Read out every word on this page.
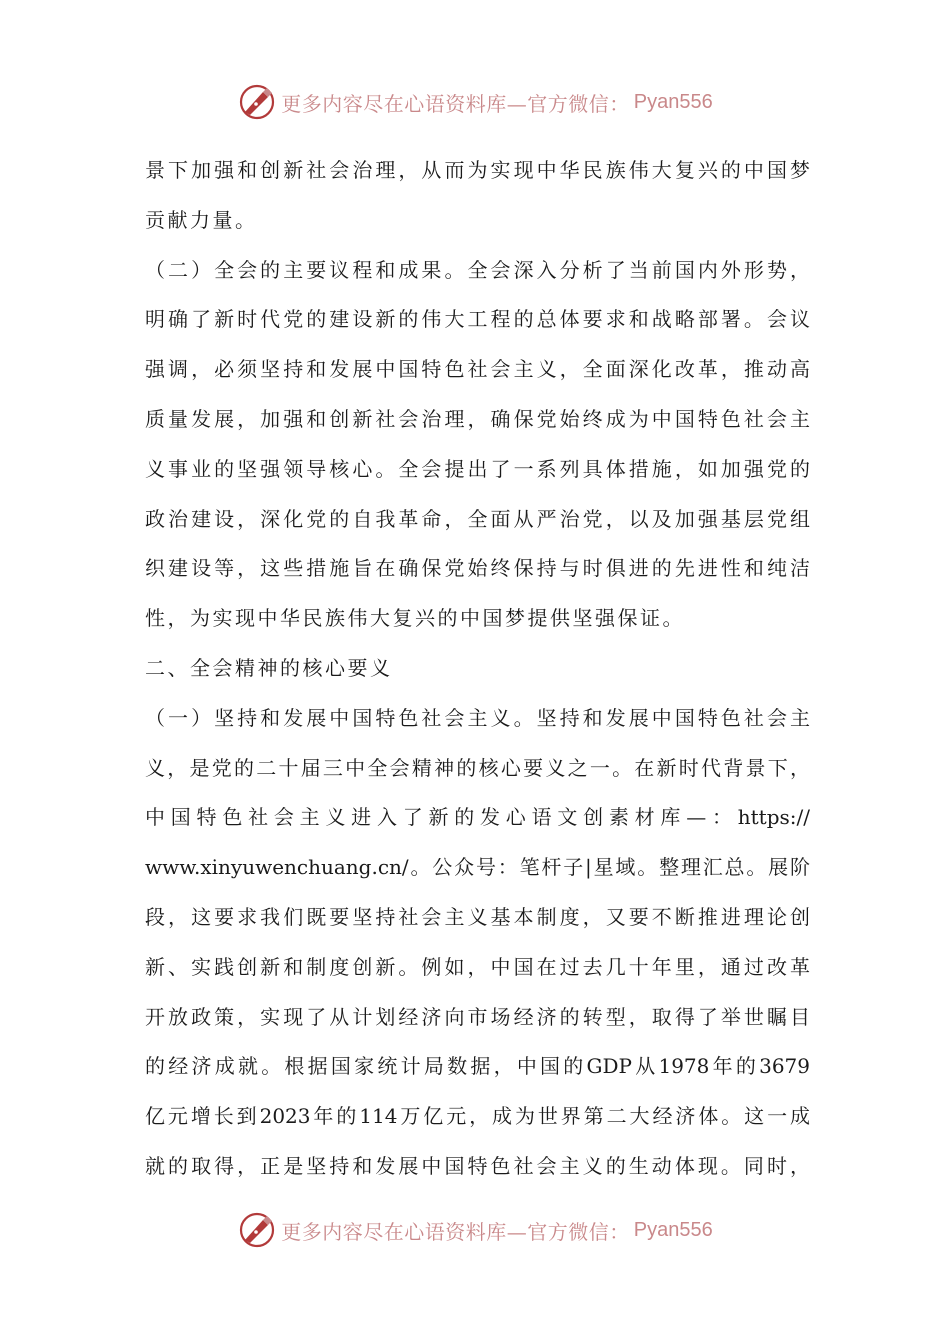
更多内容尽在心语资料库—官方微信： Pyan556
景下加强和创新社会治理，从而为实现中华民族伟大复兴的中国梦
贡献力量。
（二）全会的主要议程和成果。全会深入分析了当前国内外形势，
明确了新时代党的建设新的伟大工程的总体要求和战略部署。会议
强调，必须坚持和发展中国特色社会主义，全面深化改革，推动高
质量发展，加强和创新社会治理，确保党始终成为中国特色社会主
义事业的坚强领导核心。全会提出了一系列具体措施，如加强党的
政治建设，深化党的自我革命，全面从严治党，以及加强基层党组
织建设等，这些措施旨在确保党始终保持与时俱进的先进性和纯洁
性，为实现中华民族伟大复兴的中国梦提供坚强保证。
二、全会精神的核心要义
（一）坚持和发展中国特色社会主义。坚持和发展中国特色社会主
义，是党的二十届三中全会精神的核心要义之一。在新时代背景下，
中国特色社会主义进入了新的发心语文创素材库—：https://
www.xinyuwenchuang.cn/。公众号：笔杆子|星域。整理汇总。展阶
段，这要求我们既要坚持社会主义基本制度，又要不断推进理论创
新、实践创新和制度创新。例如，中国在过去几十年里，通过改革
开放政策，实现了从计划经济向市场经济的转型，取得了举世瞩目
的经济成就。根据国家统计局数据，中国的GDP从1978年的3679
亿元增长到2023年的114万亿元，成为世界第二大经济体。这一成
就的取得，正是坚持和发展中国特色社会主义的生动体现。同时，
更多内容尽在心语资料库—官方微信： Pyan556
